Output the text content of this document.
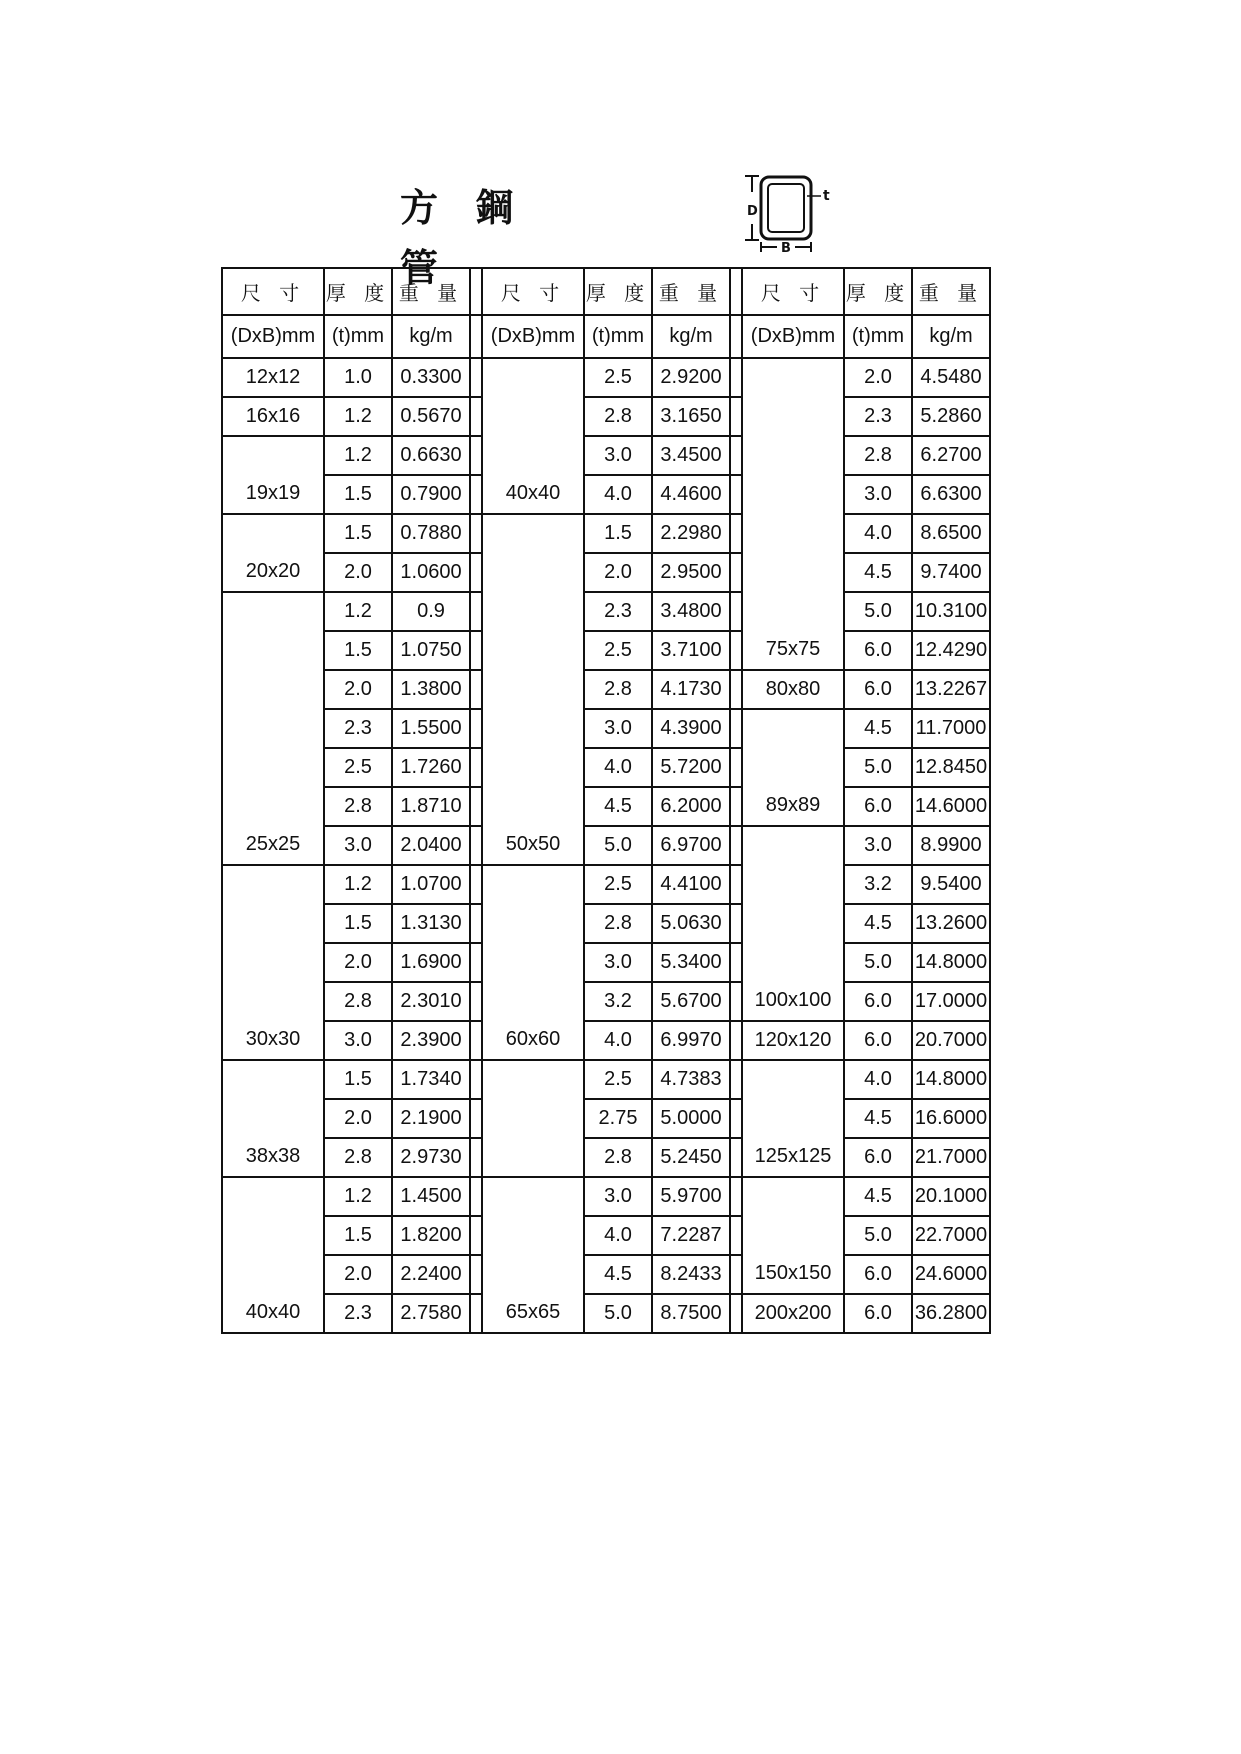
方 鋼 管
D
t
B
尺 寸	厚 度	重 量		尺 寸	厚 度	重 量		尺 寸	厚 度	重 量
(DxB)mm	(t)mm	kg/m		(DxB)mm	(t)mm	kg/m		(DxB)mm	(t)mm	kg/m
12x12	1.0	0.3300		40x40	2.5	2.9200		75x75	2.0	4.5480
16x16	1.2	0.5670			2.8	3.1650			2.3	5.2860
19x19	1.2	0.6630			3.0	3.4500			2.8	6.2700
	1.5	0.7900			4.0	4.4600			3.0	6.6300
20x20	1.5	0.7880		50x50	1.5	2.2980			4.0	8.6500
	2.0	1.0600			2.0	2.9500			4.5	9.7400
25x25	1.2	0.9			2.3	3.4800			5.0	10.3100
	1.5	1.0750			2.5	3.7100			6.0	12.4290
	2.0	1.3800			2.8	4.1730		80x80	6.0	13.2267
	2.3	1.5500			3.0	4.3900		89x89	4.5	11.7000
	2.5	1.7260			4.0	5.7200			5.0	12.8450
	2.8	1.8710			4.5	6.2000			6.0	14.6000
	3.0	2.0400			5.0	6.9700		100x100	3.0	8.9900
30x30	1.2	1.0700		60x60	2.5	4.4100			3.2	9.5400
	1.5	1.3130			2.8	5.0630			4.5	13.2600
	2.0	1.6900			3.0	5.3400			5.0	14.8000
	2.8	2.3010			3.2	5.6700			6.0	17.0000
	3.0	2.3900			4.0	6.9970		120x120	6.0	20.7000
38x38	1.5	1.7340			2.5	4.7383		125x125	4.0	14.8000
	2.0	2.1900			2.75	5.0000			4.5	16.6000
	2.8	2.9730			2.8	5.2450			6.0	21.7000
40x40	1.2	1.4500		65x65	3.0	5.9700		150x150	4.5	20.1000
	1.5	1.8200			4.0	7.2287			5.0	22.7000
	2.0	2.2400			4.5	8.2433			6.0	24.6000
	2.3	2.7580			5.0	8.7500		200x200	6.0	36.2800
